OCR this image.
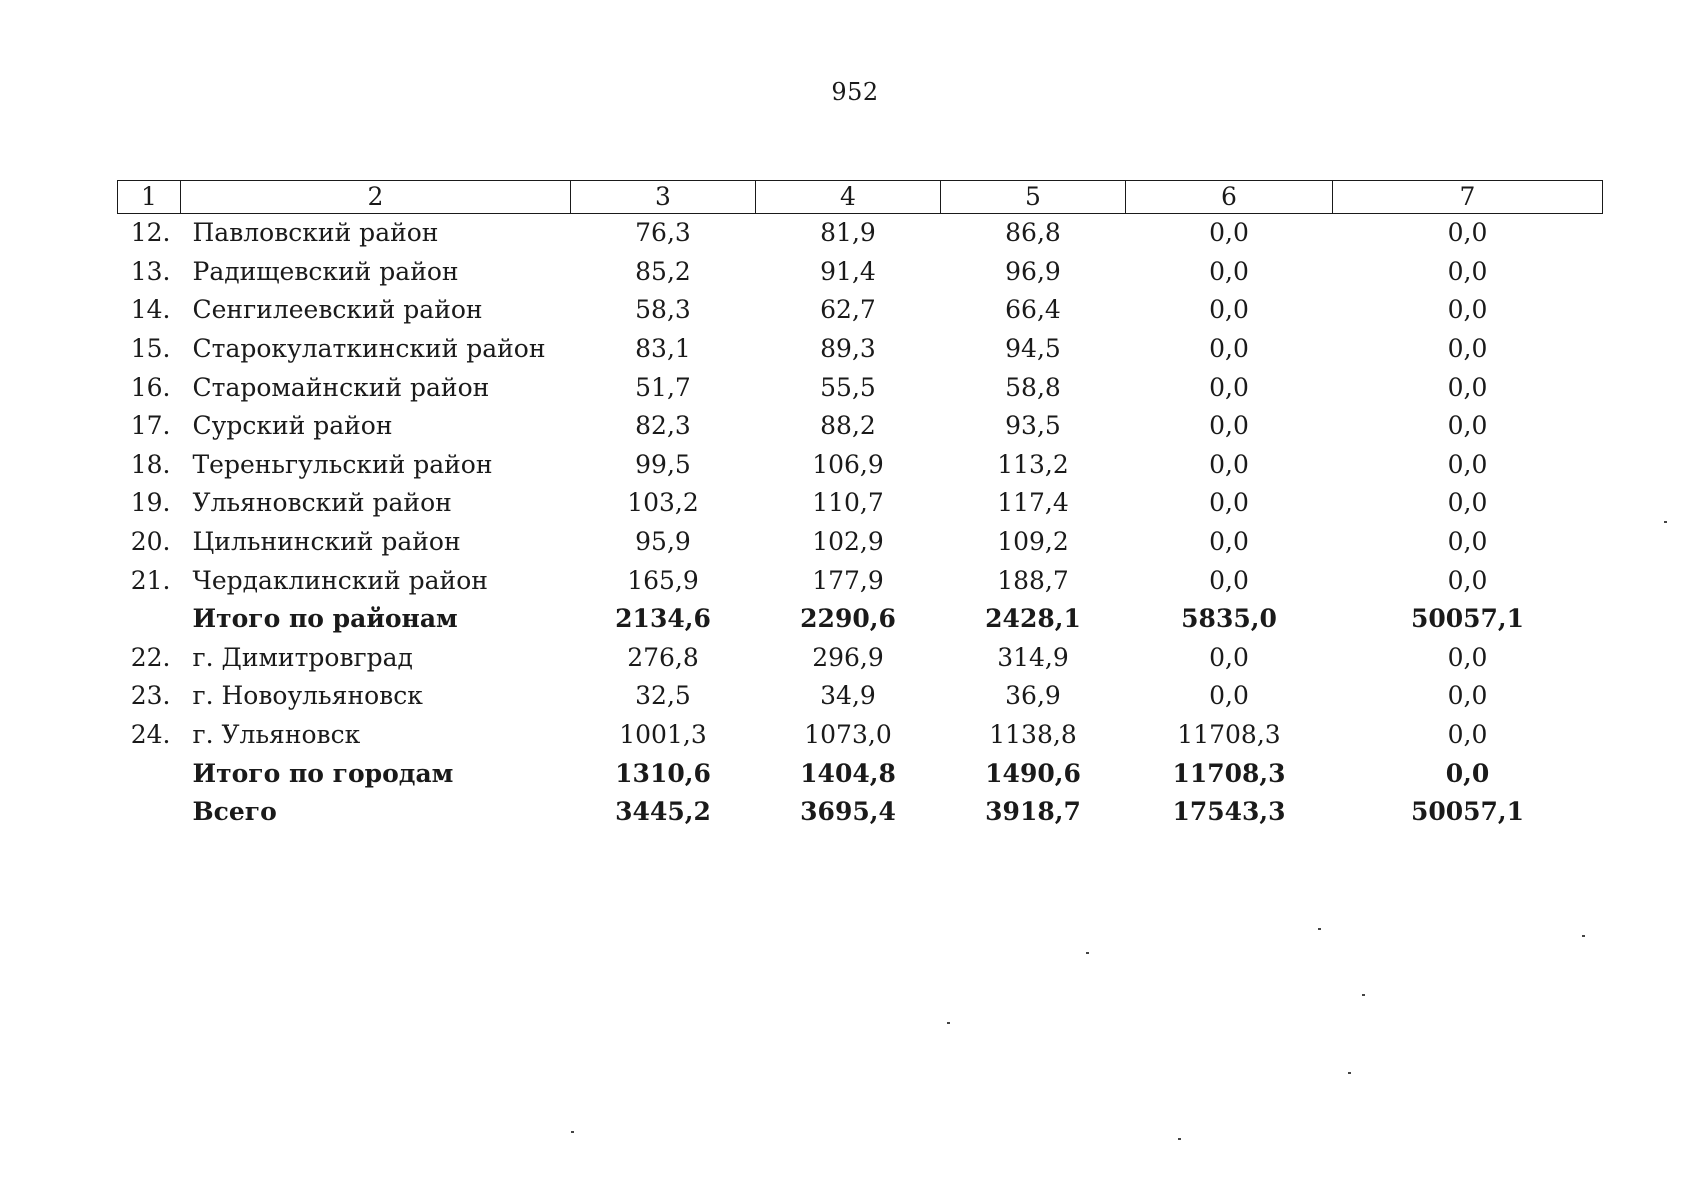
952
1	2	3	4	5	6	7
12.	Павловский район	76,3	81,9	86,8	0,0	0,0
13.	Радищевский район	85,2	91,4	96,9	0,0	0,0
14.	Сенгилеевский район	58,3	62,7	66,4	0,0	0,0
15.	Старокулаткинский район	83,1	89,3	94,5	0,0	0,0
16.	Старомайнский район	51,7	55,5	58,8	0,0	0,0
17.	Сурский район	82,3	88,2	93,5	0,0	0,0
18.	Тереньгульский район	99,5	106,9	113,2	0,0	0,0
19.	Ульяновский район	103,2	110,7	117,4	0,0	0,0
20.	Цильнинский район	95,9	102,9	109,2	0,0	0,0
21.	Чердаклинский район	165,9	177,9	188,7	0,0	0,0
	Итого по районам	2134,6	2290,6	2428,1	5835,0	50057,1
22.	г. Димитровград	276,8	296,9	314,9	0,0	0,0
23.	г. Новоульяновск	32,5	34,9	36,9	0,0	0,0
24.	г. Ульяновск	1001,3	1073,0	1138,8	11708,3	0,0
	Итого по городам	1310,6	1404,8	1490,6	11708,3	0,0
	Всего	3445,2	3695,4	3918,7	17543,3	50057,1
